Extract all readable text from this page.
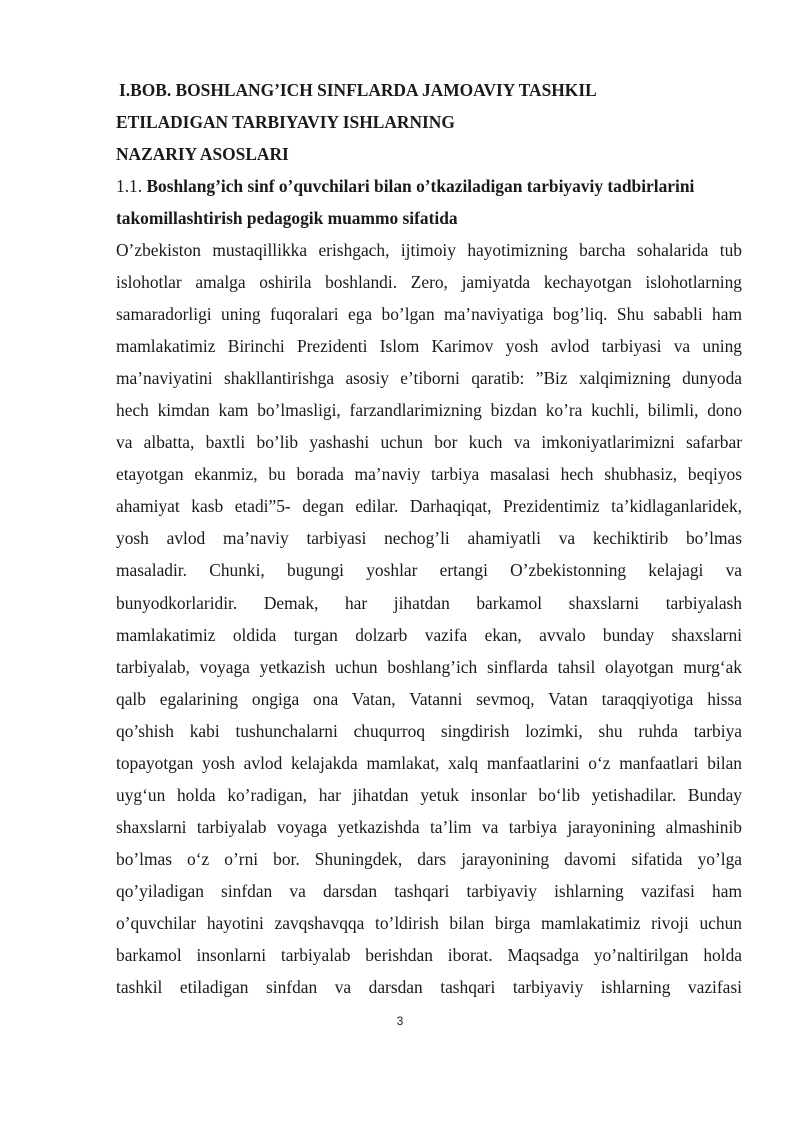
I.BOB. BOSHLANG’ICH SINFLARDA JAMOAVIY TASHKIL
ETILADIGAN TARBIYAVIY ISHLARNING
NAZARIY ASOSLARI

1.1. Boshlang’ich sinf o’quvchilari bilan o’tkaziladigan tarbiyaviy tadbirlarini
takomillashtirish pedagogik muammo sifatida

O’zbekiston mustaqillikka erishgach, ijtimoiy hayotimizning barcha sohalarida tub

islohotlar amalga oshirila boshlandi. Zero, jamiyatda kechayotgan islohotlarning

samaradorligi uning fuqoralari ega bo’lgan ma’naviyatiga bog’liq. Shu sababli ham

mamlakatimiz Birinchi Prezidenti Islom Karimov yosh avlod tarbiyasi va uning

ma’naviyatini shakllantirishga asosiy e’tiborni qaratib: ”Biz xalqimizning dunyoda

hech kimdan kam bo’lmasligi, farzandlarimizning bizdan ko’ra kuchli, bilimli, dono

va albatta, baxtli bo’lib yashashi uchun bor kuch va imkoniyatlarimizni safarbar

etayotgan ekanmiz, bu borada ma’naviy tarbiya masalasi hech shubhasiz, beqiyos

ahamiyat kasb etadi”5- degan edilar. Darhaqiqat, Prezidentimiz ta’kidlaganlaridek,

yosh avlod ma’naviy tarbiyasi nechog’li ahamiyatli va kechiktirib bo’lmas

masaladir. Chunki, bugungi yoshlar ertangi O’zbekistonning kelajagi va

bunyodkorlaridir. Demak, har jihatdan barkamol shaxslarni tarbiyalash

mamlakatimiz oldida turgan dolzarb vazifa ekan, avvalo bunday shaxslarni

tarbiyalab, voyaga yetkazish uchun boshlang’ich sinflarda tahsil olayotgan murg‘ak

qalb egalarining ongiga ona Vatan, Vatanni sevmoq, Vatan taraqqiyotiga hissa

qo’shish kabi tushunchalarni chuqurroq singdirish lozimki, shu ruhda tarbiya

topayotgan yosh avlod kelajakda mamlakat, xalq manfaatlarini o‘z manfaatlari bilan

uyg‘un holda ko’radigan, har jihatdan yetuk insonlar bo‘lib yetishadilar. Bunday

shaxslarni tarbiyalab voyaga yetkazishda ta’lim va tarbiya jarayonining almashinib

bo’lmas o‘z o’rni bor. Shuningdek, dars jarayonining davomi sifatida yo’lga

qo’yiladigan sinfdan va darsdan tashqari tarbiyaviy ishlarning vazifasi ham

o’quvchilar hayotini zavqshavqqa to’ldirish bilan birga mamlakatimiz rivoji uchun

barkamol insonlarni tarbiyalab berishdan iborat. Maqsadga yo’naltirilgan holda

tashkil etiladigan sinfdan va darsdan tashqari tarbiyaviy ishlarning vazifasi

3
